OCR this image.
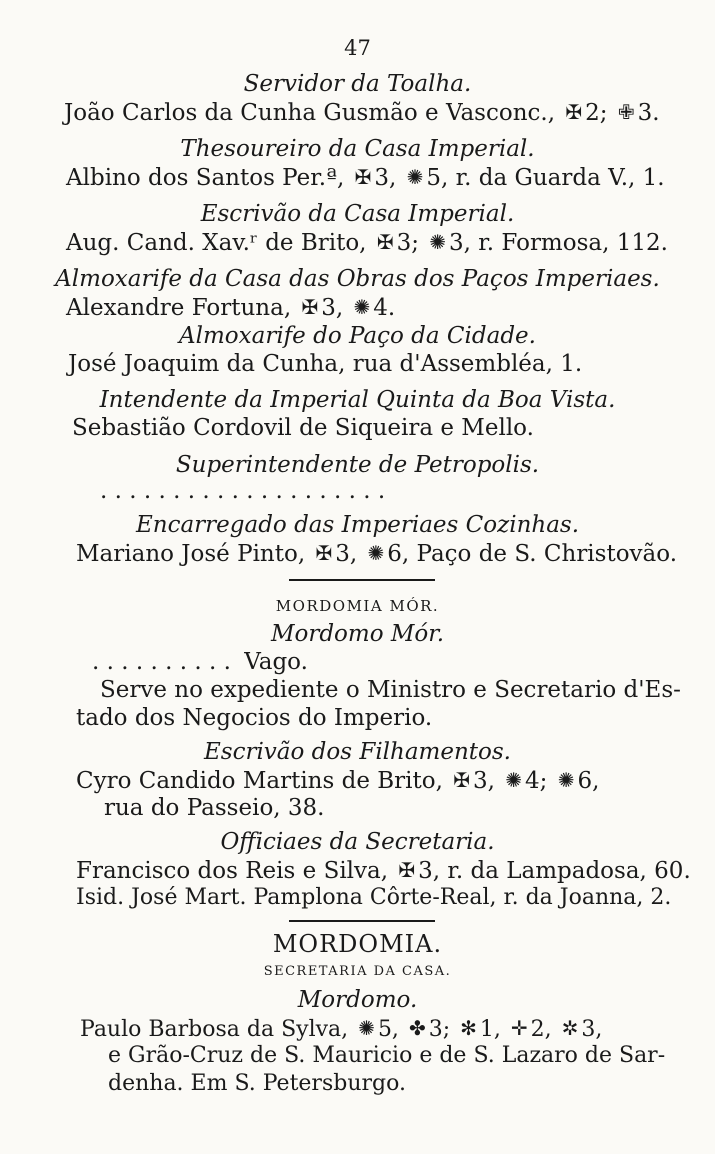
47
Servidor da Toalha.
João Carlos da Cunha Gusmão e Vasconc., ✠ 2; ✙ 3.
Thesoureiro da Casa Imperial.
Albino dos Santos Per.ª, ✠ 3, ✺ 5, r. da Guarda V., 1.
Escrivão da Casa Imperial.
Aug. Cand. Xav.ʳ de Brito, ✠ 3; ✺ 3, r. Formosa, 112.
Almoxarife da Casa das Obras dos Paços Imperiaes.
Alexandre Fortuna, ✠ 3, ✺ 4.
Almoxarife do Paço da Cidade.
José Joaquim da Cunha, rua d'Assembléa, 1.
Intendente da Imperial Quinta da Boa Vista.
Sebastião Cordovil de Siqueira e Mello.
Superintendente de Petropolis.
. . . . . . . . . . . . . . . . . . . .
Encarregado das Imperiaes Cozinhas.
Mariano José Pinto, ✠ 3, ✺ 6, Paço de S. Christovão.
MORDOMIA MÓR.
Mordomo Mór.
. . . . . . . . . . Vago.
Serve no expediente o Ministro e Secretario d'Es-
tado dos Negocios do Imperio.
Escrivão dos Filhamentos.
Cyro Candido Martins de Brito, ✠ 3, ✺ 4; ✺ 6,
rua do Passeio, 38.
Officiaes da Secretaria.
Francisco dos Reis e Silva, ✠ 3, r. da Lampadosa, 60.
Isid. José Mart. Pamplona Côrte-Real, r. da Joanna, 2.
MORDOMIA.
SECRETARIA DA CASA.
Mordomo.
Paulo Barbosa da Sylva, ✺ 5, ✤ 3; ✻ 1, ✛ 2, ✲ 3,
e Grão-Cruz de S. Mauricio e de S. Lazaro de Sar-
denha. Em S. Petersburgo.
